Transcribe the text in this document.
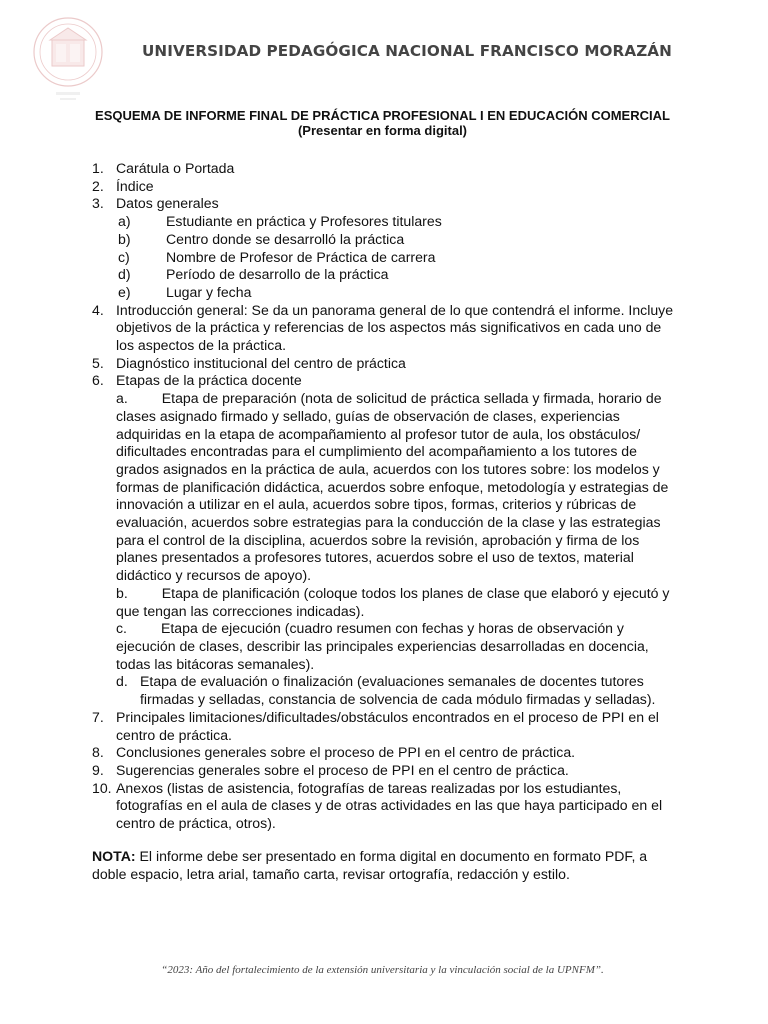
UNIVERSIDAD PEDAGÓGICA NACIONAL FRANCISCO MORAZÁN
ESQUEMA DE INFORME FINAL DE PRÁCTICA PROFESIONAL I EN EDUCACIÓN COMERCIAL
(Presentar en forma digital)
1. Carátula o Portada
2. Índice
3. Datos generales
a)	Estudiante en práctica y Profesores titulares
b)	Centro donde se desarrolló la práctica
c)	Nombre de Profesor de Práctica de carrera
d)	Período de desarrollo de la práctica
e)	Lugar y fecha
4. Introducción general: Se da un panorama general de lo que contendrá el informe. Incluye objetivos de la práctica y referencias de los aspectos más significativos en cada uno de los aspectos de la práctica.
5. Diagnóstico institucional del centro de práctica
6. Etapas de la práctica docente
a. Etapa de preparación (nota de solicitud de práctica sellada y firmada, horario de clases asignado firmado y sellado, guías de observación de clases, experiencias adquiridas en la etapa de acompañamiento al profesor tutor de aula, los obstáculos/ dificultades encontradas para el cumplimiento del acompañamiento a los tutores de grados asignados en la práctica de aula, acuerdos con los tutores sobre: los modelos y formas de planificación didáctica, acuerdos sobre enfoque, metodología y estrategias de innovación a utilizar en el aula, acuerdos sobre tipos, formas, criterios y rúbricas de evaluación, acuerdos sobre estrategias para la conducción de la clase y las estrategias para el control de la disciplina, acuerdos sobre la revisión, aprobación y firma de los planes presentados a profesores tutores, acuerdos sobre el uso de textos, material didáctico y recursos de apoyo).
b. Etapa de planificación (coloque todos los planes de clase que elaboró y ejecutó y que tengan las correcciones indicadas).
c. Etapa de ejecución (cuadro resumen con fechas y horas de observación y ejecución de clases, describir las principales experiencias desarrolladas en docencia, todas las bitácoras semanales).
d. Etapa de evaluación o finalización (evaluaciones semanales de docentes tutores firmadas y selladas, constancia de solvencia de cada módulo firmadas y selladas).
7. Principales limitaciones/dificultades/obstáculos encontrados en el proceso de PPI en el centro de práctica.
8. Conclusiones generales sobre el proceso de PPI en el centro de práctica.
9. Sugerencias generales sobre el proceso de PPI en el centro de práctica.
10. Anexos (listas de asistencia, fotografías de tareas realizadas por los estudiantes, fotografías en el aula de clases y de otras actividades en las que haya participado en el centro de práctica, otros).
NOTA: El informe debe ser presentado en forma digital en documento en formato PDF, a doble espacio, letra arial, tamaño carta, revisar ortografía, redacción y estilo.
“2023: Año del fortalecimiento de la extensión universitaria y la vinculación social de la UPNFM”.
